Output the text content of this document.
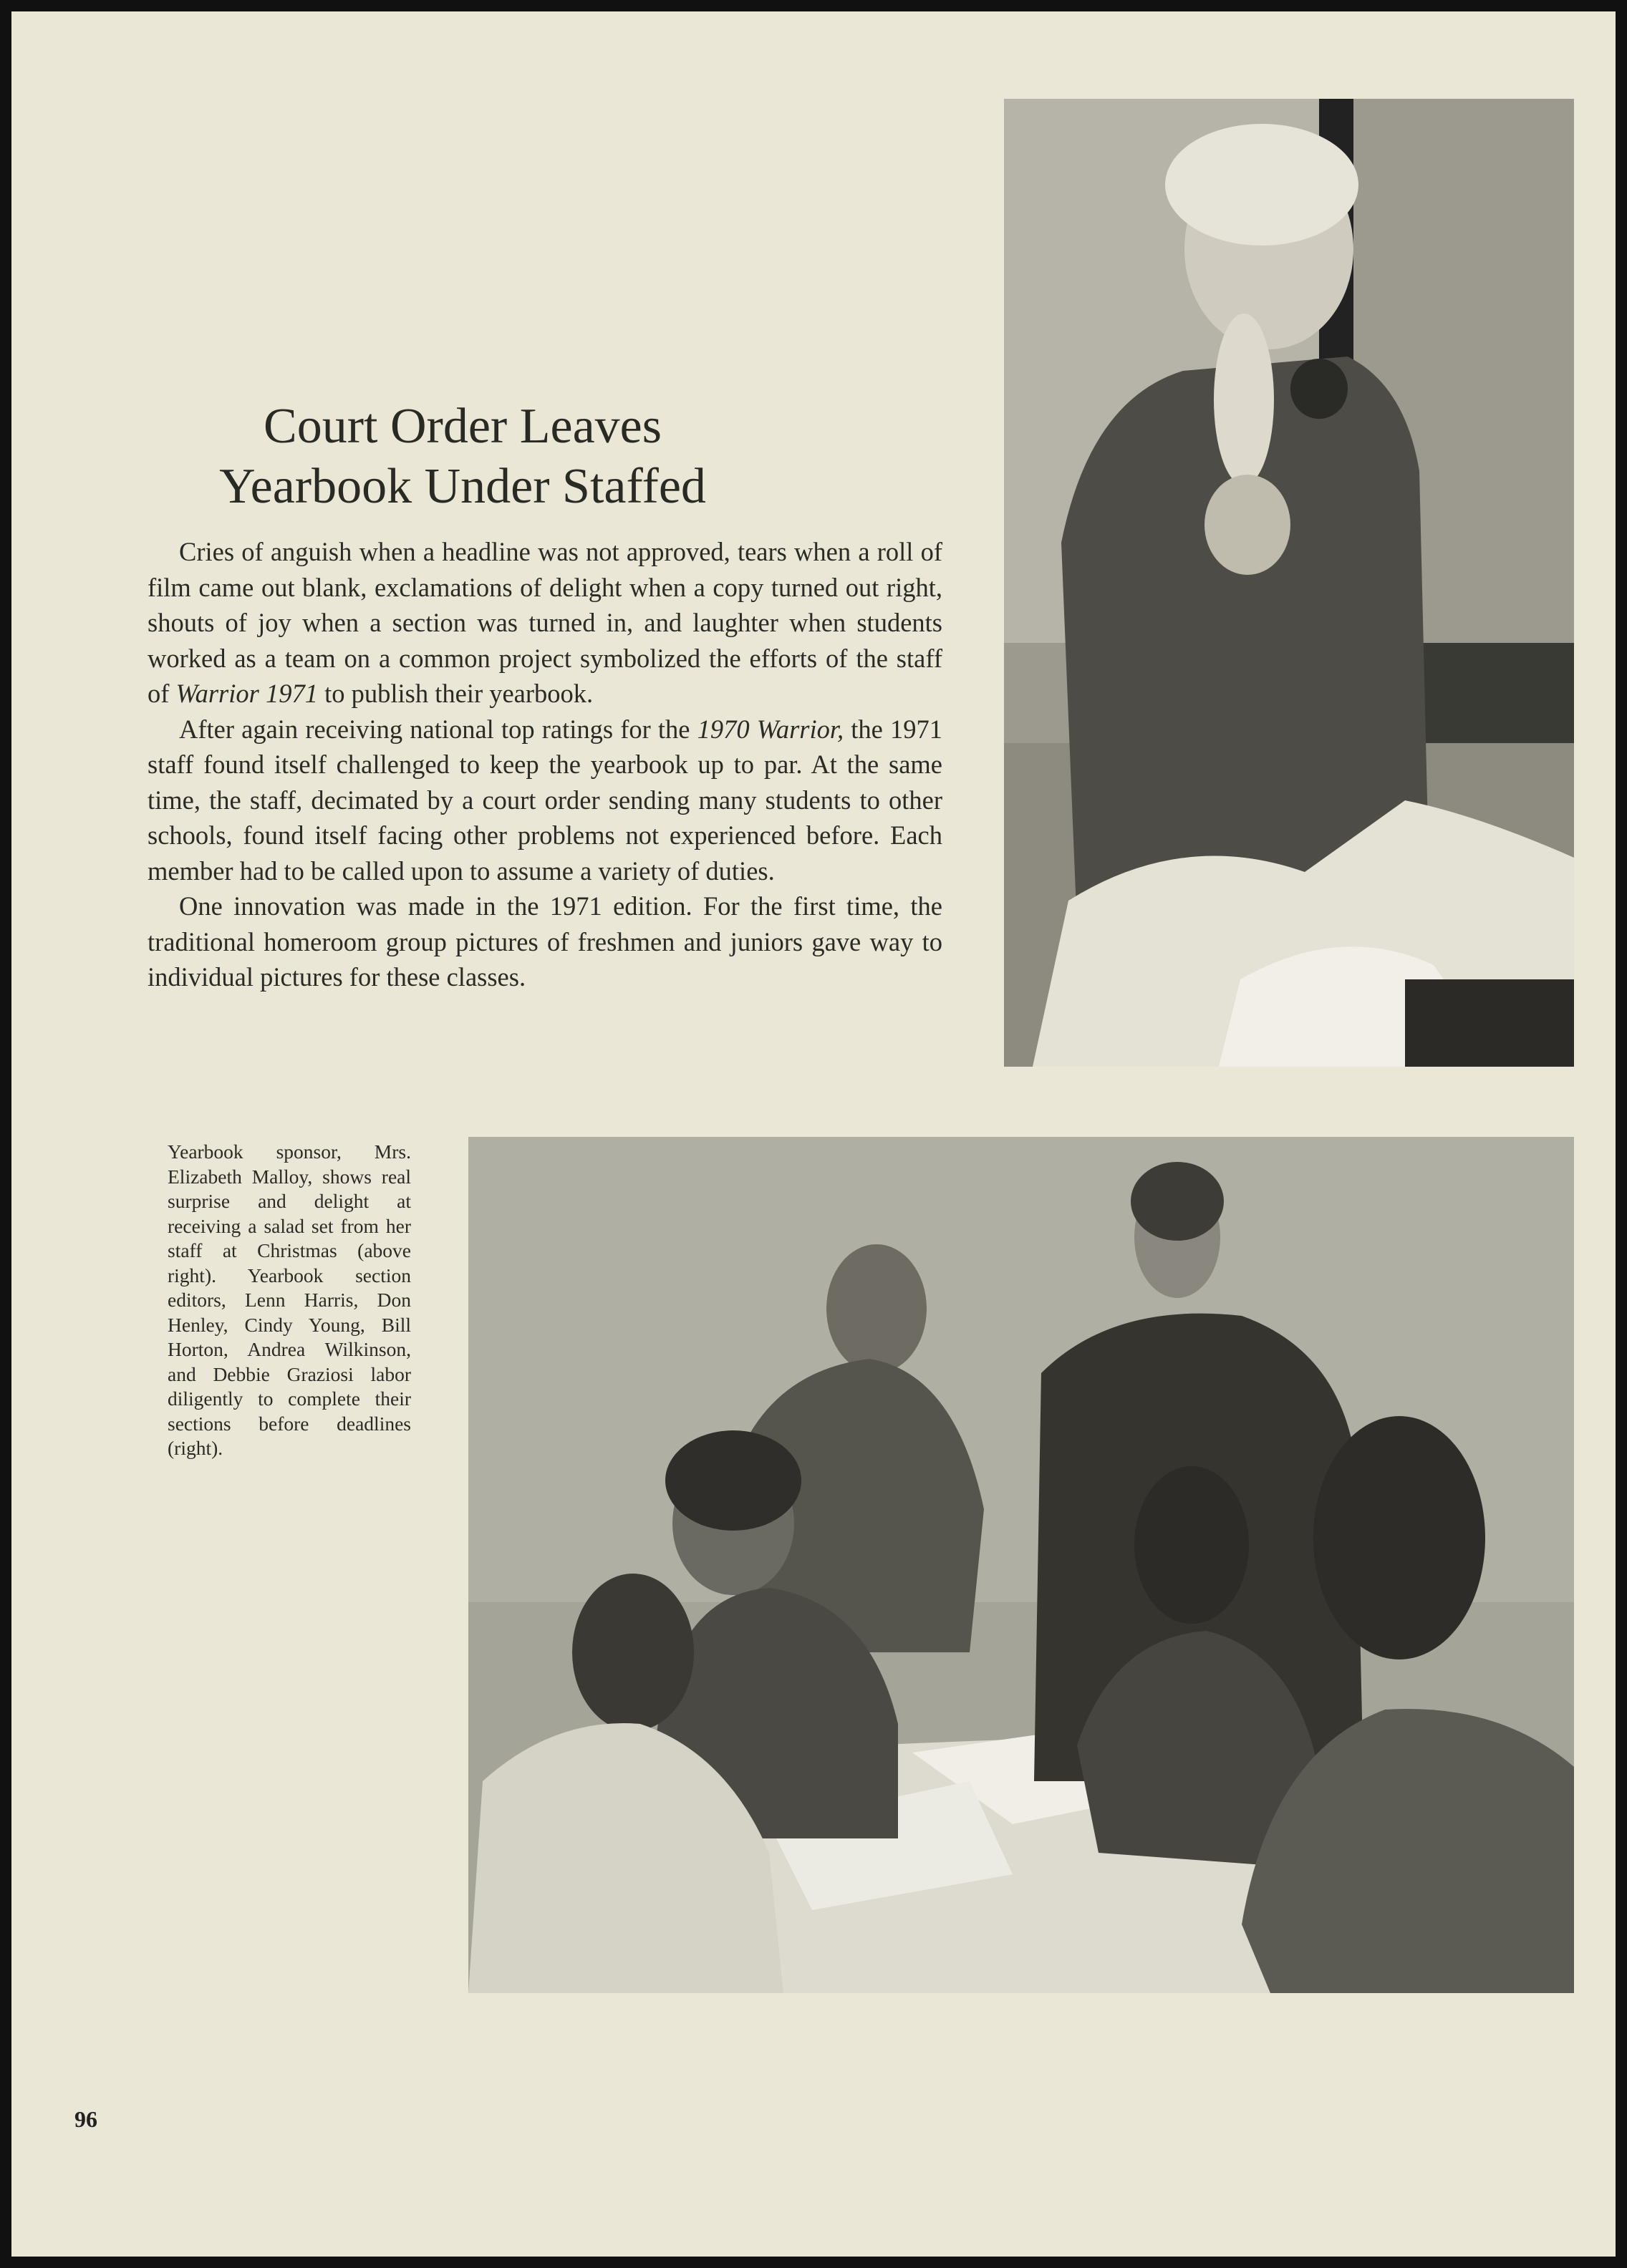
Court Order Leaves
Yearbook Under Staffed

Cries of anguish when a headline was not approved, tears when a roll of film came out blank, exclamations of delight when a copy turned out right, shouts of joy when a section was turned in, and laughter when students worked as a team on a common project symbolized the efforts of the staff of Warrior 1971 to publish their yearbook.

After again receiving national top ratings for the 1970 Warrior, the 1971 staff found itself challenged to keep the yearbook up to par. At the same time, the staff, decimated by a court order sending many students to other schools, found itself facing other problems not experienced before. Each member had to be called upon to assume a variety of duties.

One innovation was made in the 1971 edition. For the first time, the traditional homeroom group pictures of freshmen and juniors gave way to individual pictures for these classes.

Yearbook sponsor, Mrs. Elizabeth Malloy, shows real surprise and delight at receiving a salad set from her staff at Christmas (above right). Yearbook section editors, Lenn Harris, Don Henley, Cindy Young, Bill Horton, Andrea Wilkinson, and Debbie Graziosi labor diligently to complete their sections before deadlines (right).
96
